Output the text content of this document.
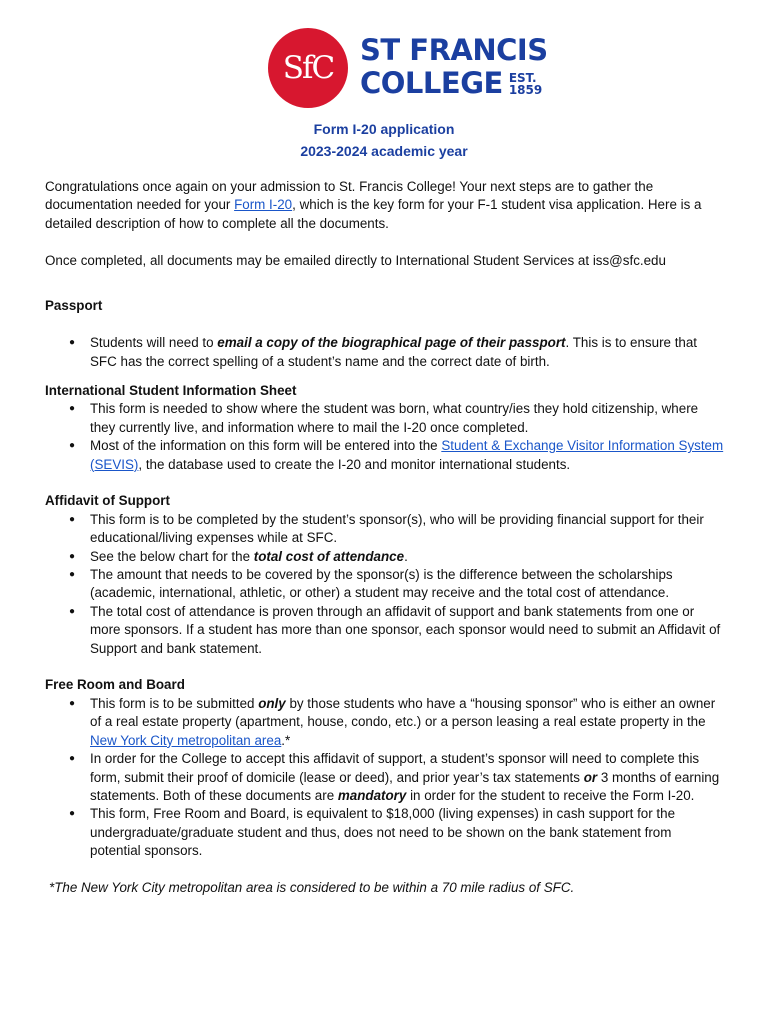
SfC ST FRANCIS
COLLEGE EST.
1859
Form I-20 application
2023-2024 academic year

Congratulations once again on your admission to St. Francis College! Your next steps are to gather the documentation needed for your Form I-20, which is the key form for your F-1 student visa application. Here is a detailed description of how to complete all the documents.

Once completed, all documents may be emailed directly to International Student Services at iss@sfc.edu

Passport
● Students will need to email a copy of the biographical page of their passport. This is to ensure that SFC has the correct spelling of a student’s name and the correct date of birth.
International Student Information Sheet
● This form is needed to show where the student was born, what country/ies they hold citizenship, where they currently live, and information where to mail the I-20 once completed.
● Most of the information on this form will be entered into the Student & Exchange Visitor Information System (SEVIS), the database used to create the I-20 and monitor international students.
Affidavit of Support
● This form is to be completed by the student’s sponsor(s), who will be providing financial support for their educational/living expenses while at SFC.
● See the below chart for the total cost of attendance.
● The amount that needs to be covered by the sponsor(s) is the difference between the scholarships (academic, international, athletic, or other) a student may receive and the total cost of attendance.
● The total cost of attendance is proven through an affidavit of support and bank statements from one or more sponsors. If a student has more than one sponsor, each sponsor would need to submit an Affidavit of Support and bank statement.
Free Room and Board
● This form is to be submitted only by those students who have a “housing sponsor” who is either an owner of a real estate property (apartment, house, condo, etc.) or a person leasing a real estate property in the New York City metropolitan area.*
● In order for the College to accept this affidavit of support, a student’s sponsor will need to complete this form, submit their proof of domicile (lease or deed), and prior year’s tax statements or 3 months of earning statements. Both of these documents are mandatory in order for the student to receive the Form I-20.
● This form, Free Room and Board, is equivalent to $18,000 (living expenses) in cash support for the undergraduate/graduate student and thus, does not need to be shown on the bank statement from potential sponsors.

*The New York City metropolitan area is considered to be within a 70 mile radius of SFC.
